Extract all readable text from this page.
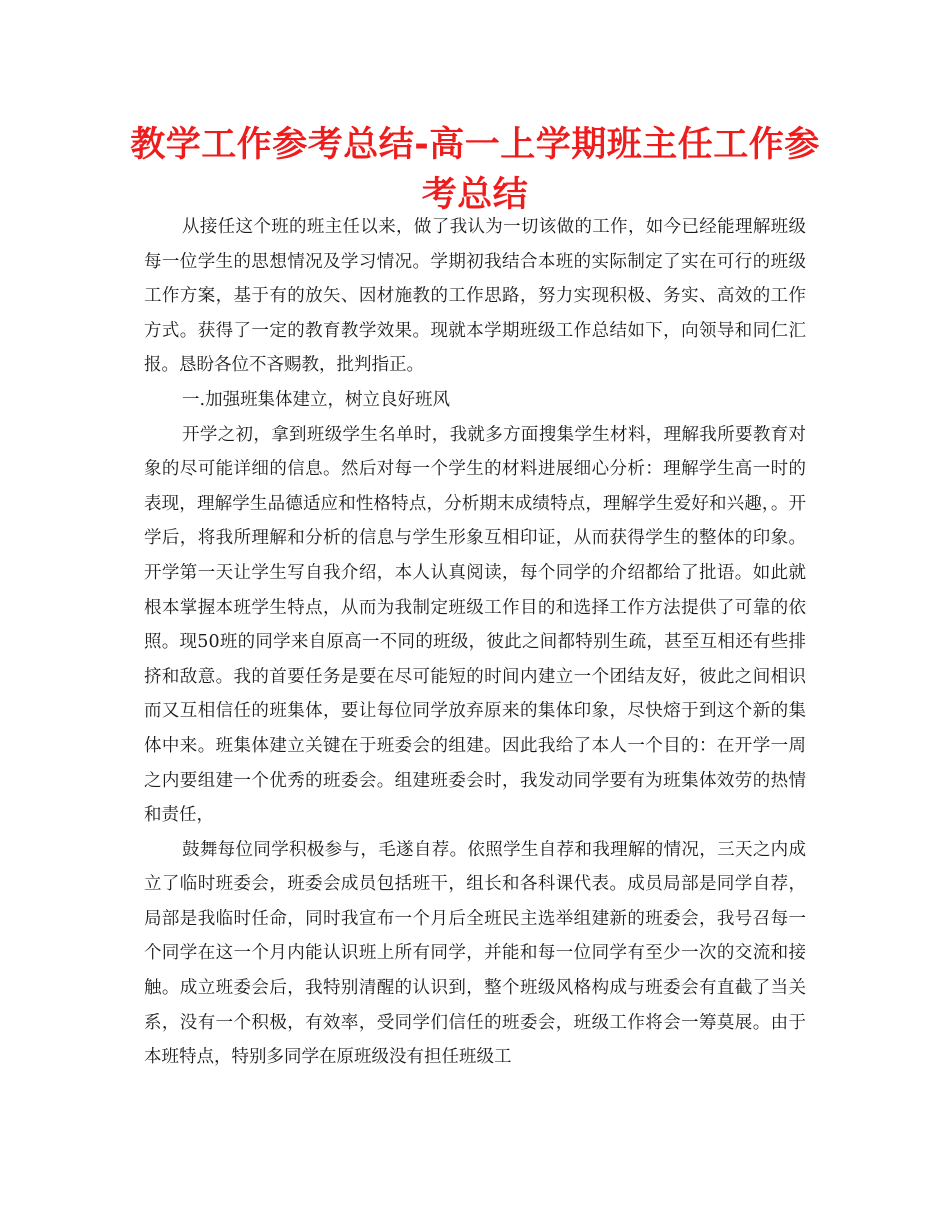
教学工作参考总结-高一上学期班主任工作参考总结

从接任这个班的班主任以来，做了我认为一切该做的工作，如今已经能理解班级每一位学生的思想情况及学习情况。学期初我结合本班的实际制定了实在可行的班级工作方案，基于有的放矢、因材施教的工作思路，努力实现积极、务实、高效的工作方式。获得了一定的教育教学效果。现就本学期班级工作总结如下，向领导和同仁汇报。恳盼各位不吝赐教，批判指正。

一.加强班集体建立，树立良好班风

开学之初，拿到班级学生名单时，我就多方面搜集学生材料，理解我所要教育对象的尽可能详细的信息。然后对每一个学生的材料进展细心分析：理解学生高一时的表现，理解学生品德适应和性格特点，分析期末成绩特点，理解学生爱好和兴趣，。开学后，将我所理解和分析的信息与学生形象互相印证，从而获得学生的整体的印象。开学第一天让学生写自我介绍，本人认真阅读，每个同学的介绍都给了批语。如此就根本掌握本班学生特点，从而为我制定班级工作目的和选择工作方法提供了可靠的依照。现50班的同学来自原高一不同的班级，彼此之间都特别生疏，甚至互相还有些排挤和敌意。我的首要任务是要在尽可能短的时间内建立一个团结友好，彼此之间相识而又互相信任的班集体，要让每位同学放弃原来的集体印象，尽快熔于到这个新的集体中来。班集体建立关键在于班委会的组建。因此我给了本人一个目的：在开学一周之内要组建一个优秀的班委会。组建班委会时，我发动同学要有为班集体效劳的热情和责任，

鼓舞每位同学积极参与，毛遂自荐。依照学生自荐和我理解的情况，三天之内成立了临时班委会，班委会成员包括班干，组长和各科课代表。成员局部是同学自荐，局部是我临时任命，同时我宣布一个月后全班民主选举组建新的班委会，我号召每一个同学在这一个月内能认识班上所有同学，并能和每一位同学有至少一次的交流和接触。成立班委会后，我特别清醒的认识到，整个班级风格构成与班委会有直截了当关系，没有一个积极，有效率，受同学们信任的班委会，班级工作将会一筹莫展。由于本班特点，特别多同学在原班级没有担任班级工
